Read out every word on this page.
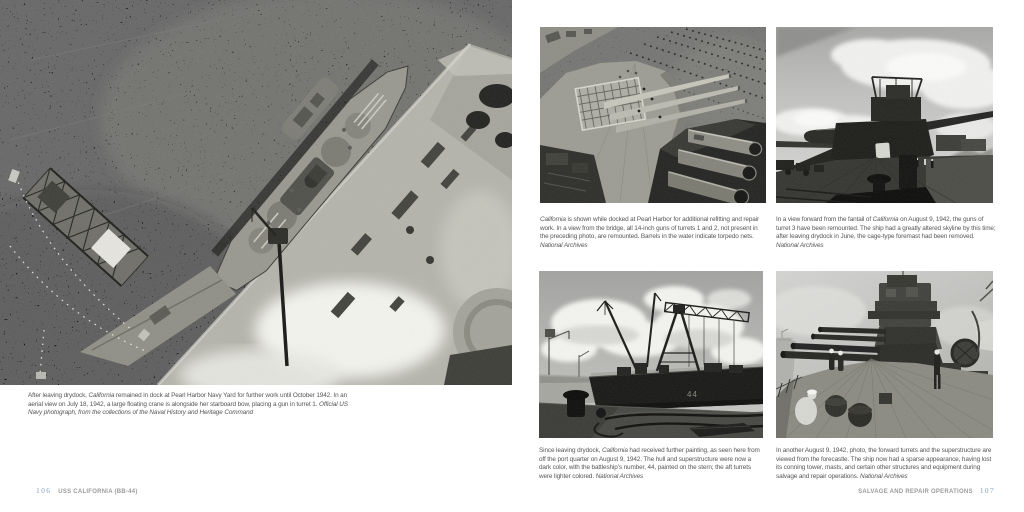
After leaving drydock, California remained in dock at Pearl Harbor Navy Yard for further work until October 1942. In an aerial view on July 18, 1942, a large floating crane is alongside her starboard bow, placing a gun in turret 1. Official US Navy photograph, from the collections of the Naval History and Heritage Command

106 USS CALIFORNIA (BB-44)

California is shown while docked at Pearl Harbor for additional refitting and repair work. In a view from the bridge, all 14-inch guns of turrets 1 and 2, not present in the preceding photo, are remounted. Barrels in the water indicate torpedo nets. National Archives

In a view forward from the fantail of California on August 9, 1942, the guns of turret 3 have been remounted. The ship had a greatly altered skyline by this time; after leaving drydock in June, the cage-type foremast had been removed. National Archives

44

Since leaving drydock, California had received further painting, as seen here from off the port quarter on August 9, 1942. The hull and superstructure were now a dark color, with the battleship’s number, 44, painted on the stern; the aft turrets were lighter colored. National Archives

In another August 9, 1942, photo, the forward turrets and the superstructure are viewed from the forecastle. The ship now had a sparse appearance, having lost its conning tower, masts, and certain other structures and equipment during salvage and repair operations. National Archives

SALVAGE AND REPAIR OPERATIONS 107
